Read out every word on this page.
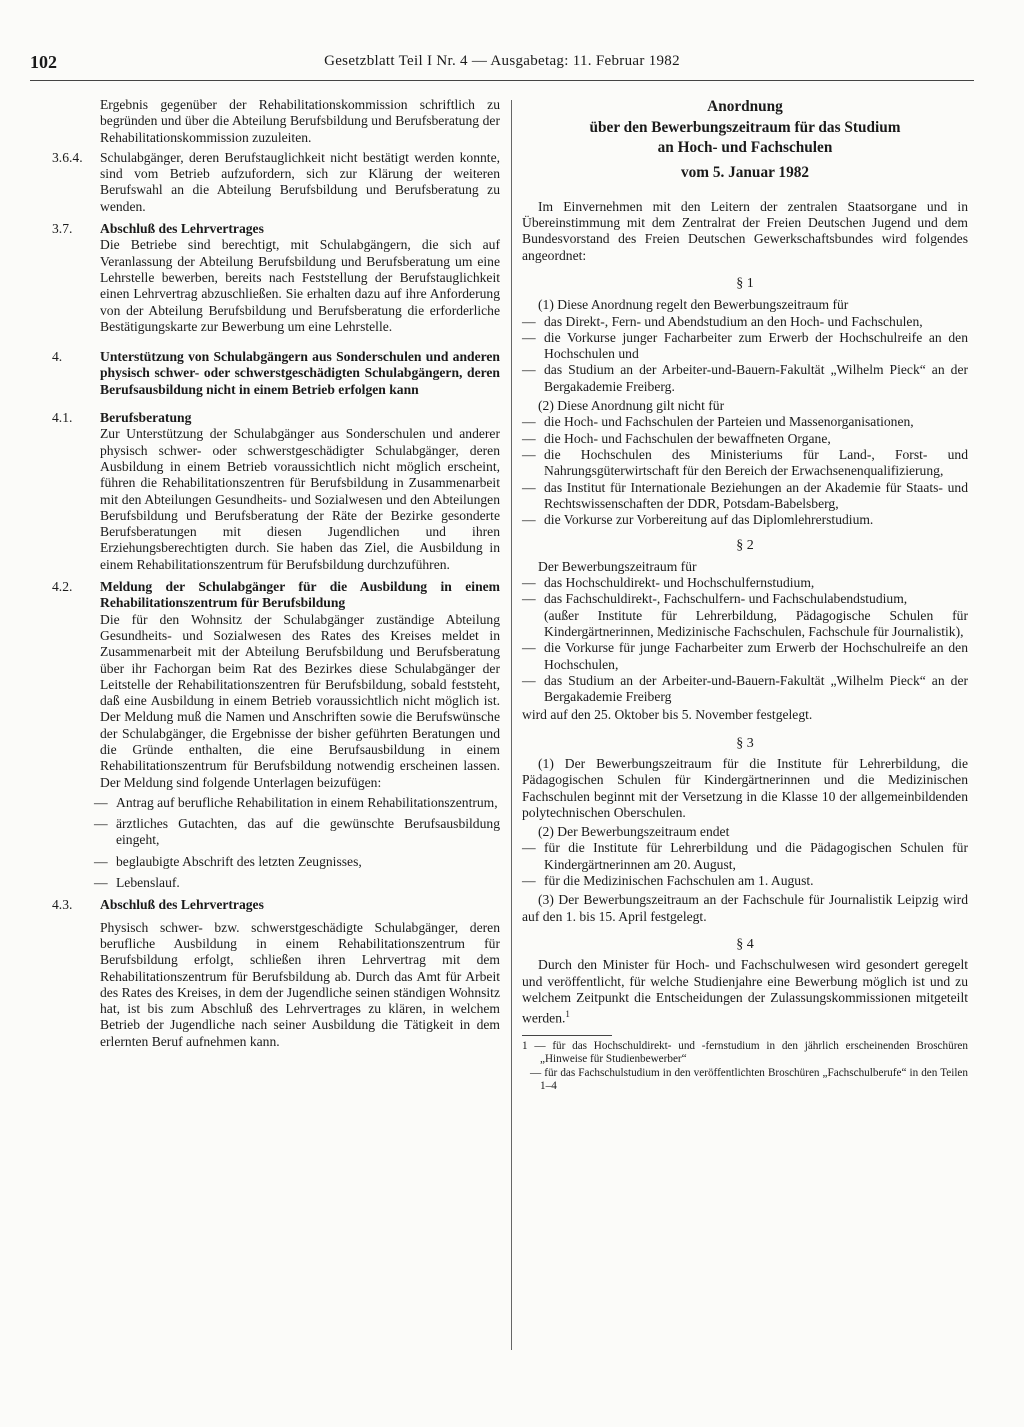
102	Gesetzblatt Teil I Nr. 4 — Ausgabetag: 11. Februar 1982

Ergebnis gegenüber der Rehabilitationskommission schriftlich zu begründen und über die Abteilung Berufsbildung und Berufsberatung der Rehabilitationskommission zuzuleiten.

3.6.4.	Schulabgänger, deren Berufstauglichkeit nicht bestätigt werden konnte, sind vom Betrieb aufzufordern, sich zur Klärung der weiteren Berufswahl an die Abteilung Berufsbildung und Berufsberatung zu wenden.

3.7.	Abschluß des Lehrvertrages

Die Betriebe sind berechtigt, mit Schulabgängern, die sich auf Veranlassung der Abteilung Berufsbildung und Berufsberatung um eine Lehrstelle bewerben, bereits nach Feststellung der Berufstauglichkeit einen Lehrvertrag abzuschließen. Sie erhalten dazu auf ihre Anforderung von der Abteilung Berufsbildung und Berufsberatung die erforderliche Bestätigungskarte zur Bewerbung um eine Lehrstelle.

4.	Unterstützung von Schulabgängern aus Sonderschulen und anderen physisch schwer- oder schwerstgeschädigten Schulabgängern, deren Berufsausbildung nicht in einem Betrieb erfolgen kann

4.1.	Berufsberatung

Zur Unterstützung der Schulabgänger aus Sonderschulen und anderer physisch schwer- oder schwerstgeschädigter Schulabgänger, deren Ausbildung in einem Betrieb voraussichtlich nicht möglich erscheint, führen die Rehabilitationszentren für Berufsbildung in Zusammenarbeit mit den Abteilungen Gesundheits- und Sozialwesen und den Abteilungen Berufsbildung und Berufsberatung der Räte der Bezirke gesonderte Berufsberatungen mit diesen Jugendlichen und ihren Erziehungsberechtigten durch. Sie haben das Ziel, die Ausbildung in einem Rehabilitationszentrum für Berufsbildung durchzuführen.

4.2.	Meldung der Schulabgänger für die Ausbildung in einem Rehabilitationszentrum für Berufsbildung

Die für den Wohnsitz der Schulabgänger zuständige Abteilung Gesundheits- und Sozialwesen des Rates des Kreises meldet in Zusammenarbeit mit der Abteilung Berufsbildung und Berufsberatung über ihr Fachorgan beim Rat des Bezirkes diese Schulabgänger der Leitstelle der Rehabilitationszentren für Berufsbildung, sobald feststeht, daß eine Ausbildung in einem Betrieb voraussichtlich nicht möglich ist. Der Meldung muß die Namen und Anschriften sowie die Berufswünsche der Schulabgänger, die Ergebnisse der bisher geführten Beratungen und die Gründe enthalten, die eine Berufsausbildung in einem Rehabilitationszentrum für Berufsbildung notwendig erscheinen lassen. Der Meldung sind folgende Unterlagen beizufügen:

— Antrag auf berufliche Rehabilitation in einem Rehabilitationszentrum,
— ärztliches Gutachten, das auf die gewünschte Berufsausbildung eingeht,
— beglaubigte Abschrift des letzten Zeugnisses,
— Lebenslauf.
4.3.	Abschluß des Lehrvertrages

Physisch schwer- bzw. schwerstgeschädigte Schulabgänger, deren berufliche Ausbildung in einem Rehabilitationszentrum für Berufsbildung erfolgt, schließen ihren Lehrvertrag mit dem Rehabilitationszentrum für Berufsbildung ab. Durch das Amt für Arbeit des Rates des Kreises, in dem der Jugendliche seinen ständigen Wohnsitz hat, ist bis zum Abschluß des Lehrvertrages zu klären, in welchem Betrieb der Jugendliche nach seiner Ausbildung die Tätigkeit in dem erlernten Beruf aufnehmen kann.

Anordnung
über den Bewerbungszeitraum für das Studium
an Hoch- und Fachschulen
vom 5. Januar 1982

Im Einvernehmen mit den Leitern der zentralen Staatsorgane und in Übereinstimmung mit dem Zentralrat der Freien Deutschen Jugend und dem Bundesvorstand des Freien Deutschen Gewerkschaftsbundes wird folgendes angeordnet:

§ 1

(1) Diese Anordnung regelt den Bewerbungszeitraum für

— das Direkt-, Fern- und Abendstudium an den Hoch- und Fachschulen,
— die Vorkurse junger Facharbeiter zum Erwerb der Hochschulreife an den Hochschulen und
— das Studium an der Arbeiter-und-Bauern-Fakultät „Wilhelm Pieck“ an der Bergakademie Freiberg.

(2) Diese Anordnung gilt nicht für

— die Hoch- und Fachschulen der Parteien und Massenorganisationen,
— die Hoch- und Fachschulen der bewaffneten Organe,
— die Hochschulen des Ministeriums für Land-, Forst- und Nahrungsgüterwirtschaft für den Bereich der Erwachsenenqualifizierung,
— das Institut für Internationale Beziehungen an der Akademie für Staats- und Rechtswissenschaften der DDR, Potsdam-Babelsberg,
— die Vorkurse zur Vorbereitung auf das Diplomlehrerstudium.
§ 2

Der Bewerbungszeitraum für

— das Hochschuldirekt- und Hochschulfernstudium,
— das Fachschuldirekt-, Fachschulfern- und Fachschulabendstudium,

(außer Institute für Lehrerbildung, Pädagogische Schulen für Kindergärtnerinnen, Medizinische Fachschulen, Fachschule für Journalistik),

— die Vorkurse für junge Facharbeiter zum Erwerb der Hochschulreife an den Hochschulen,
— das Studium an der Arbeiter-und-Bauern-Fakultät „Wilhelm Pieck“ an der Bergakademie Freiberg

wird auf den 25. Oktober bis 5. November festgelegt.

§ 3

(1) Der Bewerbungszeitraum für die Institute für Lehrerbildung, die Pädagogischen Schulen für Kindergärtnerinnen und die Medizinischen Fachschulen beginnt mit der Versetzung in die Klasse 10 der allgemeinbildenden polytechnischen Oberschulen.

(2) Der Bewerbungszeitraum endet

— für die Institute für Lehrerbildung und die Pädagogischen Schulen für Kindergärtnerinnen am 20. August,
— für die Medizinischen Fachschulen am 1. August.

(3) Der Bewerbungszeitraum an der Fachschule für Journalistik Leipzig wird auf den 1. bis 15. April festgelegt.

§ 4

Durch den Minister für Hoch- und Fachschulwesen wird gesondert geregelt und veröffentlicht, für welche Studienjahre eine Bewerbung möglich ist und zu welchem Zeitpunkt die Entscheidungen der Zulassungskommissionen mitgeteilt werden.$^1$

1 — für das Hochschuldirekt- und -fernstudium in den jährlich erscheinenden Broschüren „Hinweise für Studienbewerber“

— für das Fachschulstudium in den veröffentlichten Broschüren „Fachschulberufe“ in den Teilen 1–4
